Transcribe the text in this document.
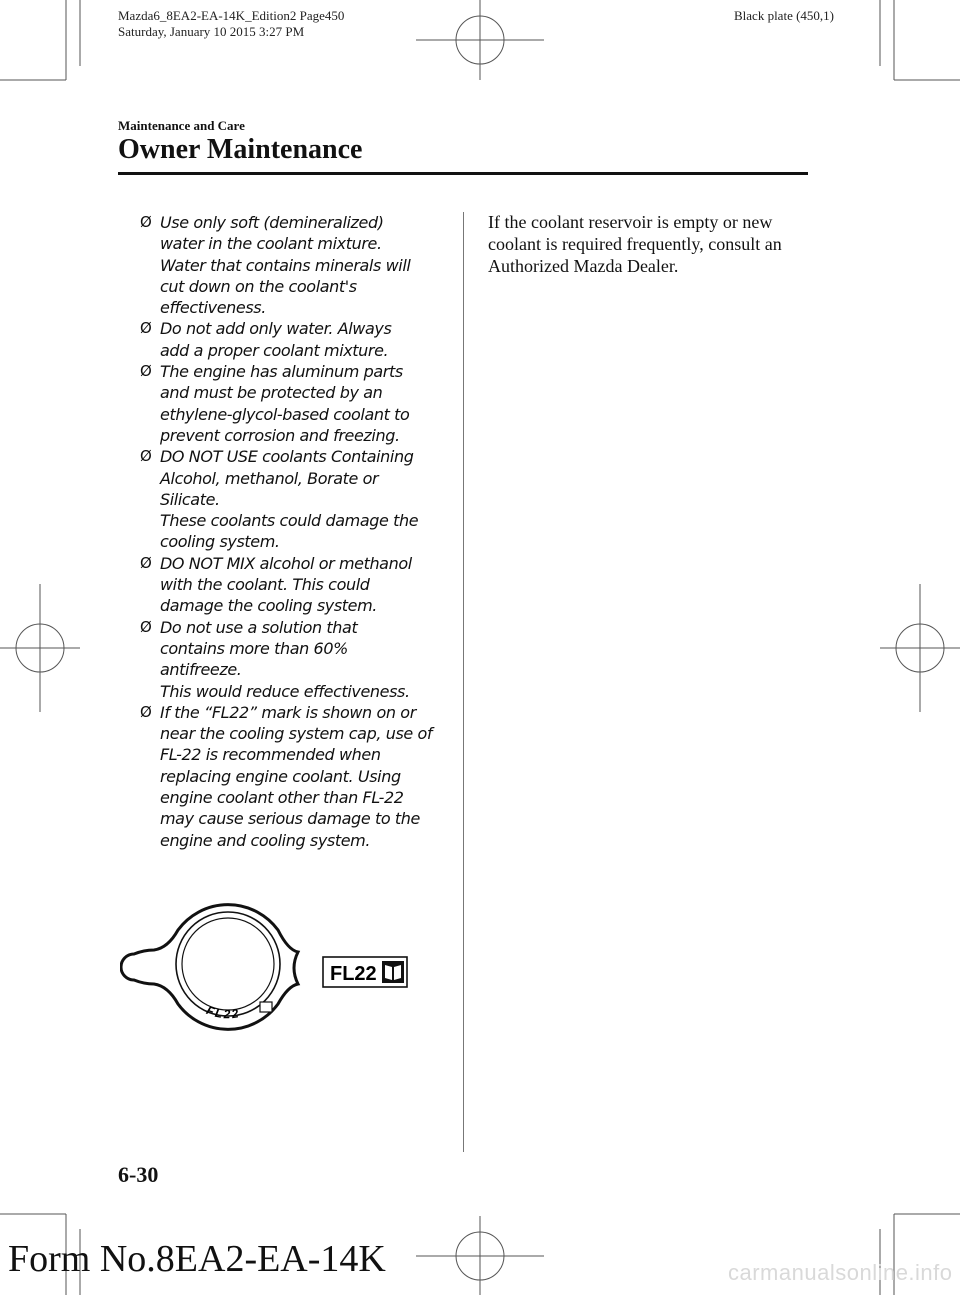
Mazda6_8EA2-EA-14K_Edition2 Page450
Saturday, January 10 2015 3:27 PM
Black plate (450,1)
Maintenance and Care
Owner Maintenance
Ø Use only soft (demineralized)
water in the coolant mixture.
Water that contains minerals will
cut down on the coolant's
effectiveness.
Ø Do not add only water. Always
add a proper coolant mixture.
Ø The engine has aluminum parts
and must be protected by an
ethylene-glycol-based coolant to
prevent corrosion and freezing.
Ø DO NOT USE coolants Containing
Alcohol, methanol, Borate or
Silicate.
These coolants could damage the
cooling system.
Ø DO NOT MIX alcohol or methanol
with the coolant. This could
damage the cooling system.
Ø Do not use a solution that
contains more than 60%
antifreeze.
This would reduce effectiveness.
Ø If the “FL22” mark is shown on or
near the cooling system cap, use of
FL-22 is recommended when
replacing engine coolant. Using
engine coolant other than FL-22
may cause serious damage to the
engine and cooling system.
If the coolant reservoir is empty or new
coolant is required frequently, consult an
Authorized Mazda Dealer.
FL22
FL22
6-30
Form No.8EA2-EA-14K	carmanualsonline.info
